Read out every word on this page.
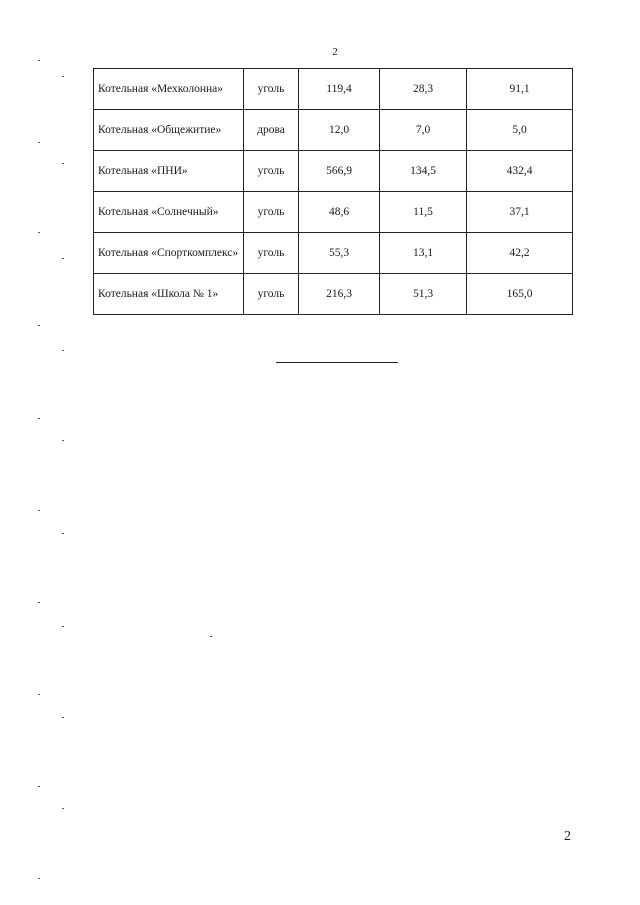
2
Котельная «Мехколонна»	уголь	119,4	28,3	91,1
Котельная «Общежитие»	дрова	12,0	7,0	5,0
Котельная «ПНИ»	уголь	566,9	134,5	432,4
Котельная «Солнечный»	уголь	48,6	11,5	37,1
Котельная «Спорткомплекс»	уголь	55,3	13,1	42,2
Котельная «Школа № 1»	уголь	216,3	51,3	165,0
2
